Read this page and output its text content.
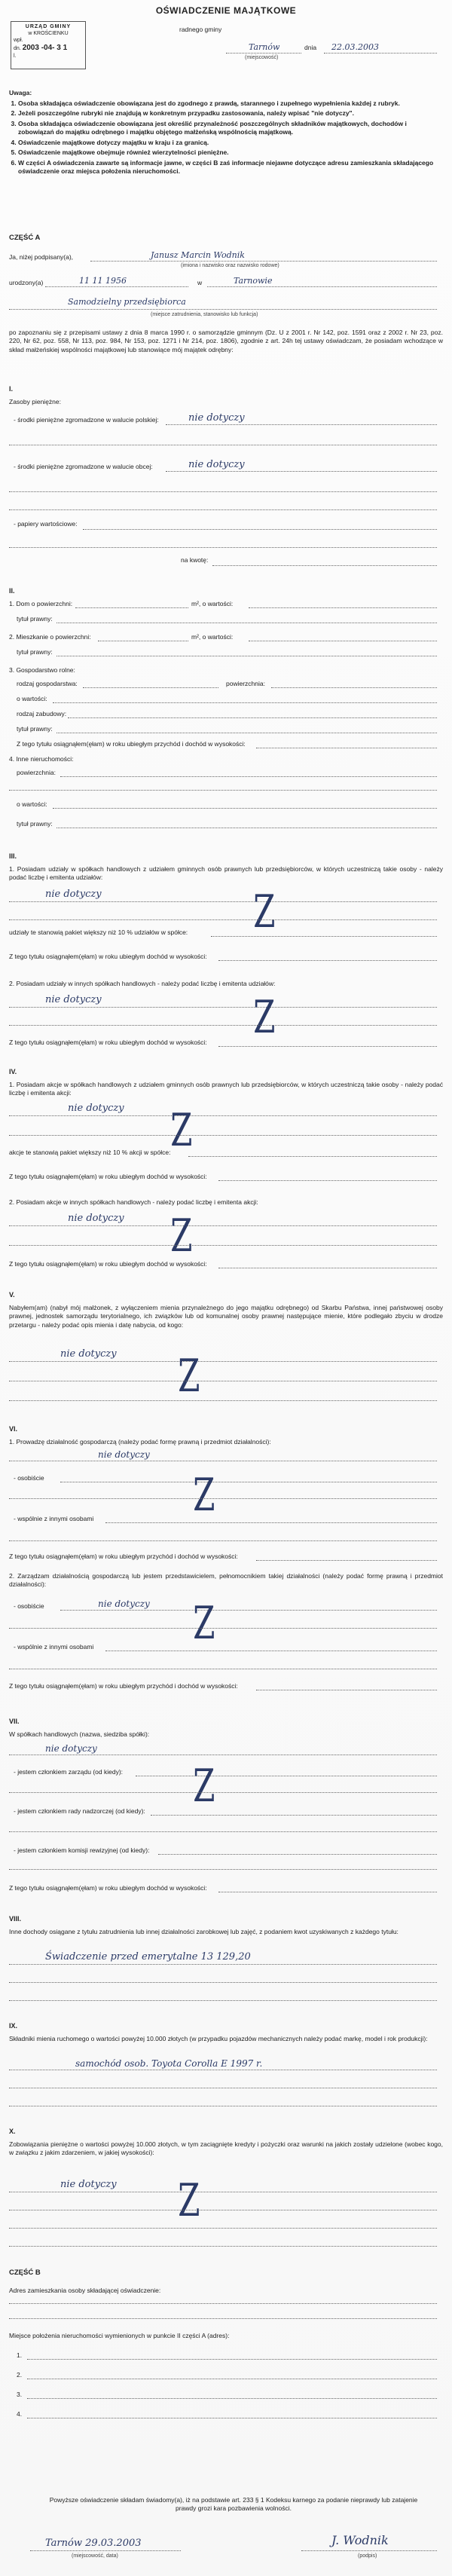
OŚWIADCZENIE MAJĄTKOWE
URZĄD GMINY
w KROŚCIENKU
wpł.
dn. 2003 -04- 3 1
l.
radnego gminy
Tarnów
(miejscowość)
dnia 22.03.2003
Uwaga:
1. Osoba składająca oświadczenie obowiązana jest do zgodnego z prawdą, starannego i zupełnego wypełnienia każdej z rubryk.
2. Jeżeli poszczególne rubryki nie znajdują w konkretnym przypadku zastosowania, należy wpisać "nie dotyczy".
3. Osoba składająca oświadczenie obowiązana jest określić przynależność poszczególnych składników majątkowych, dochodów i zobowiązań do majątku odrębnego i majątku objętego małżeńską wspólnością majątkową.
4. Oświadczenie majątkowe dotyczy majątku w kraju i za granicą.
5. Oświadczenie majątkowe obejmuje również wierzytelności pieniężne.
6. W części A oświadczenia zawarte są informacje jawne, w części B zaś informacje niejawne dotyczące adresu zamieszkania składającego oświadczenie oraz miejsca położenia nieruchomości.
CZĘŚĆ A
Ja, niżej podpisany(a),	Janusz Marcin Wodnik
(imiona i nazwisko oraz nazwisko rodowe)
urodzony(a)	11 11 1956	w	Tarnowie
Samodzielny przedsiębiorca
(miejsce zatrudnienia, stanowisko lub funkcja)
po zapoznaniu się z przepisami ustawy z dnia 8 marca 1990 r. o samorządzie gminnym (Dz. U z 2001 r. Nr 142, poz. 1591 oraz z 2002 r. Nr 23, poz. 220, Nr 62, poz. 558, Nr 113, poz. 984, Nr 153, poz. 1271 i Nr 214, poz. 1806), zgodnie z art. 24h tej ustawy oświadczam, że posiadam wchodzące w skład małżeńskiej wspólności majątkowej lub stanowiące mój majątek odrębny:
I.
Zasoby pieniężne:
- środki pieniężne zgromadzone w walucie polskiej:	nie dotyczy
- środki pieniężne zgromadzone w walucie obcej:	nie dotyczy
- papiery wartościowe:
na kwotę:
II.
1. Dom o powierzchni:	m², o wartości:
tytuł prawny:
2. Mieszkanie o powierzchni:	m², o wartości:
tytuł prawny:
3. Gospodarstwo rolne:
rodzaj gospodarstwa:	powierzchnia:
o wartości:
rodzaj zabudowy:
tytuł prawny:
Z tego tytułu osiągnąłem(ęłam) w roku ubiegłym przychód i dochód w wysokości:
4. Inne nieruchomości:
powierzchnia:
o wartości:
tytuł prawny:
III.
1. Posiadam udziały w spółkach handlowych z udziałem gminnych osób prawnych lub przedsiębiorców, w których uczestniczą takie osoby - należy podać liczbę i emitenta udziałów:
nie dotyczy	Z
udziały te stanowią pakiet większy niż 10 % udziałów w spółce:
Z tego tytułu osiągnąłem(ęłam) w roku ubiegłym dochód w wysokości:
2. Posiadam udziały w innych spółkach handlowych - należy podać liczbę i emitenta udziałów:
nie dotyczy	Z
Z tego tytułu osiągnąłem(ęłam) w roku ubiegłym dochód w wysokości:
IV.
1. Posiadam akcje w spółkach handlowych z udziałem gminnych osób prawnych lub przedsiębiorców, w których uczestniczą takie osoby - należy podać liczbę i emitenta akcji:
nie dotyczy Z
akcje te stanowią pakiet większy niż 10 % akcji w spółce:
Z tego tytułu osiągnąłem(ęłam) w roku ubiegłym dochód w wysokości:
2. Posiadam akcje w innych spółkach handlowych - należy podać liczbę i emitenta akcji:
nie dotyczy Z
Z tego tytułu osiągnąłem(ęłam) w roku ubiegłym dochód w wysokości:
V.
Nabyłem(am) (nabył mój małżonek, z wyłączeniem mienia przynależnego do jego majątku odrębnego) od Skarbu Państwa, innej państwowej osoby prawnej, jednostek samorządu terytorialnego, ich związków lub od komunalnej osoby prawnej następujące mienie, które podlegało zbyciu w drodze przetargu - należy podać opis mienia i datę nabycia, od kogo:
nie dotyczy Z
VI.
1. Prowadzę działalność gospodarczą (należy podać formę prawną i przedmiot działalności):
nie dotyczy
- osobiście	Z
- wspólnie z innymi osobami
Z tego tytułu osiągnąłem(ęłam) w roku ubiegłym przychód i dochód w wysokości:
2. Zarządzam działalnością gospodarczą lub jestem przedstawicielem, pełnomocnikiem takiej działalności (należy podać formę prawną i przedmiot działalności):
- osobiście	nie dotyczy Z
- wspólnie z innymi osobami
Z tego tytułu osiągnąłem(ęłam) w roku ubiegłym przychód i dochód w wysokości:
VII.
W spółkach handlowych (nazwa, siedziba spółki):
nie dotyczy
- jestem członkiem zarządu (od kiedy): Z
- jestem członkiem rady nadzorczej (od kiedy):
- jestem członkiem komisji rewizyjnej (od kiedy):
Z tego tytułu osiągnąłem(ęłam) w roku ubiegłym dochód w wysokości:
VIII.
Inne dochody osiągane z tytułu zatrudnienia lub innej działalności zarobkowej lub zajęć, z podaniem kwot uzyskiwanych z każdego tytułu:
Świadczenie przed emerytalne 13 129,20
IX.
Składniki mienia ruchomego o wartości powyżej 10.000 złotych (w przypadku pojazdów mechanicznych należy podać markę, model i rok produkcji):
samochód osob. Toyota Corolla E 1997 r.
X.
Zobowiązania pieniężne o wartości powyżej 10.000 złotych, w tym zaciągnięte kredyty i pożyczki oraz warunki na jakich zostały udzielone (wobec kogo, w związku z jakim zdarzeniem, w jakiej wysokości):
nie dotyczy Z
CZĘŚĆ B
Adres zamieszkania osoby składającej oświadczenie:
Miejsce położenia nieruchomości wymienionych w punkcie II części A (adres):
1.
2.
3.
4.
Powyższe oświadczenie składam świadomy(a), iż na podstawie art. 233 § 1 Kodeksu karnego za podanie nieprawdy lub zatajenie prawdy grozi kara pozbawienia wolności.
Tarnów 29.03.2003
(miejscowość, data)
J. Wodnik
(podpis)
